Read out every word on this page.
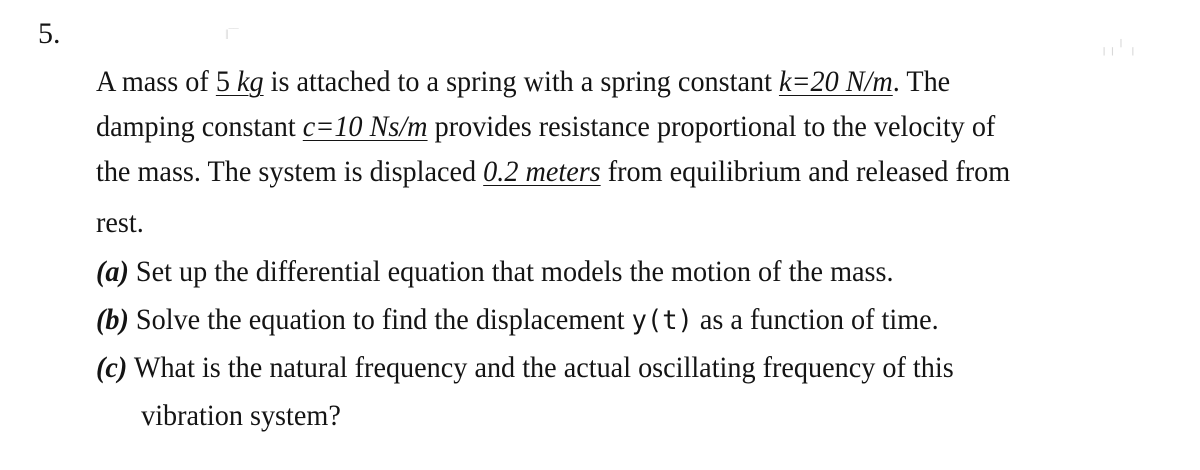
5.	‖‾‾
╷╷╵ ╷
A mass of 5 kg is attached to a spring with a spring constant k=20 N/m. The
damping constant c=10 Ns/m provides resistance proportional to the velocity of
the mass. The system is displaced 0.2 meters from equilibrium and released from
rest.
(a) Set up the differential equation that models the motion of the mass.
(b) Solve the equation to find the displacement y(t) as a function of time.
(c) What is the natural frequency and the actual oscillating frequency of this
vibration system?
